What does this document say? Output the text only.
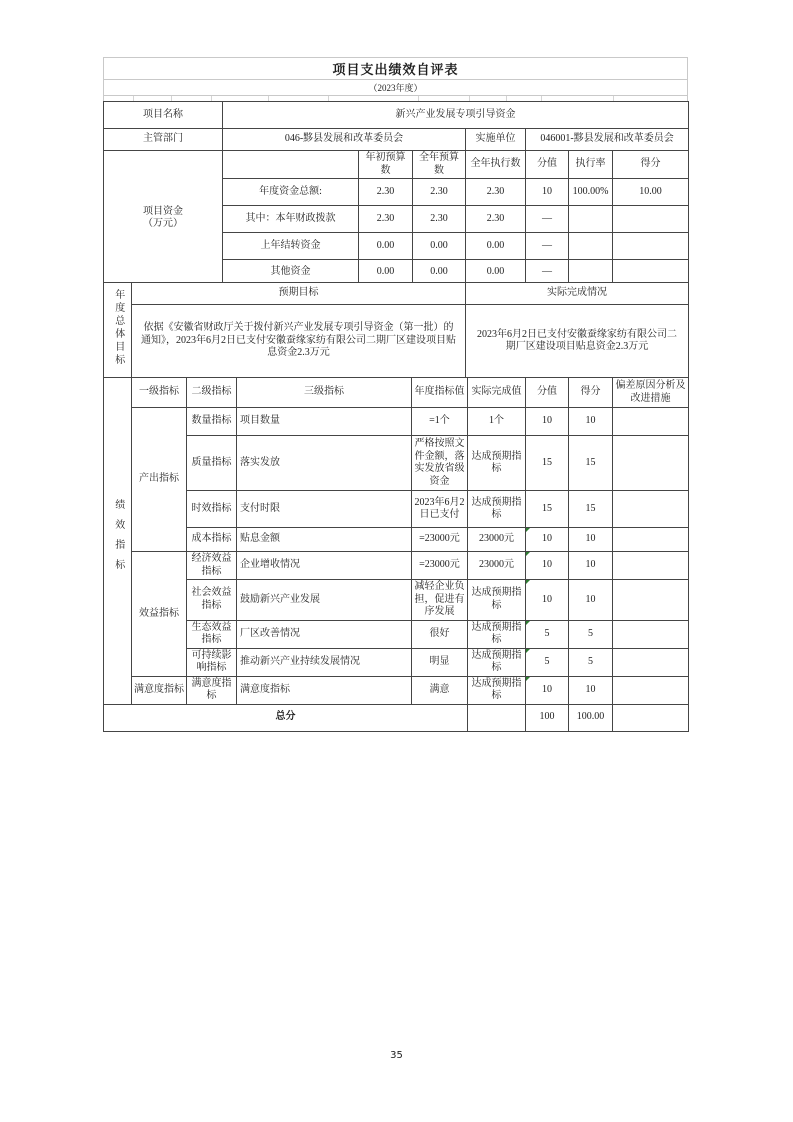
项目支出绩效自评表
（2023年度）
项目名称	新兴产业发展专项引导资金						
主管部门	046-黟县发展和改革委员会			实施单位	046001-黟县发展和改革委员会		

项目资金
（万元）		年初预算数	全年预算数	全年执行数	分值	执行率	得分
	年度资金总额:	2.30	2.30	2.30	10	100.00%	10.00
	其中：本年财政拨款	2.30	2.30	2.30	—		
	上年结转资金	0.00	0.00	0.00	—		
	其他资金	0.00	0.00	0.00	—		
年度总体目标	预期目标	实际完成情况
	依据《安徽省财政厅关于拨付新兴产业发展专项引导资金（第一批）的通知》，2023年6月2日已支付安徽蚕缘家纺有限公司二期厂区建设项目贴息资金2.3万元	2023年6月2日已支付安徽蚕缘家纺有限公司二期厂区建设项目贴息资金2.3万元
绩效指标	一级指标	二级指标	三级指标	年度指标值	实际完成值	分值	得分	偏差原因分析及改进措施
	产出指标	数量指标	项目数量	=1个	1个	10	10	
		质量指标	落实发放	严格按照文件金额，落实发放省级资金	达成预期指标	15	15	
		时效指标	支付时限	2023年6月2日已支付	达成预期指标	15	15	
		成本指标	贴息金额	=23000元	23000元	10	10	
	效益指标	经济效益指标	企业增收情况	=23000元	23000元	10	10	
		社会效益指标	鼓励新兴产业发展	减轻企业负担，促进有序发展	达成预期指标	10	10	
		生态效益指标	厂区改善情况	很好	达成预期指标	5	5	
		可持续影响指标	推动新兴产业持续发展情况	明显	达成预期指标	5	5	
	满意度指标	满意度指标	满意度指标	满意	达成预期指标	10	10	
总分						100	100.00	
35
